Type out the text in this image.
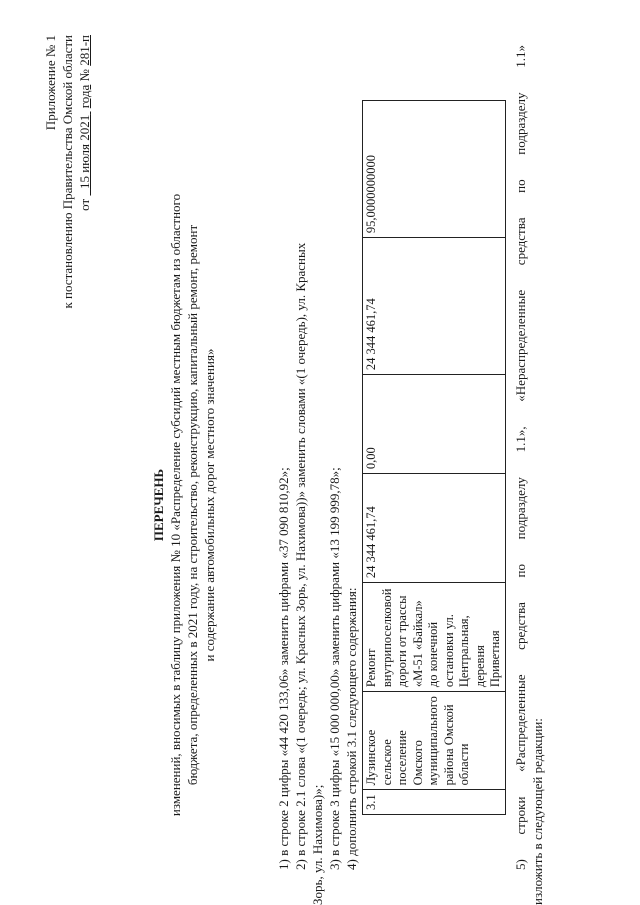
Приложение № 1 к постановлению Правительства Омской области от   15 июля 2021  года № 281-п
ПЕРЕЧЕНЬ изменений, вносимых в таблицу приложения № 10 «Распределение субсидий местным бюджетам из областного бюджета, определенных в 2021 году, на строительство, реконструкцию, капитальный ремонт, ремонт и содержание автомобильных дорог местного значения»	1) в строке 2 цифры «44 420 133,06» заменить цифрами «37 090 810,92»; 2) в строке 2.1 слова «(1 очередь; ул. Красных Зорь, ул. Нахимова))» заменить словами «(1 очередь), ул. Красных Зорь, ул. Нахимова)»; 3) в строке 3 цифры «15 000 000,00» заменить цифрами «13 199 999,78»; 4) дополнить строкой 3.1 следующего содержания: 3.1	Лузинское сельское поселение Омского муниципального района Омской области	Ремонт внутрипоселковой дороги от трассы «М-51 «Байкал» до конечной остановки ул. Центральная, деревня Приветная	24 344 461,74	0,00	24 344 461,74	95,0000000000	5) строки «Распределенные средства по подразделу 1.1», «Нераспределенные средства по подразделу 1.1» изложить в следующей редакции:
